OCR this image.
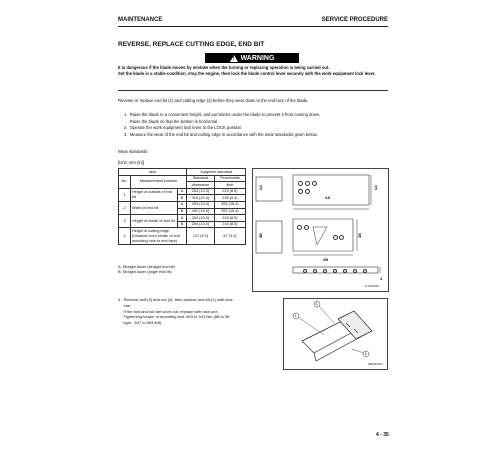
MAINTENANCE	SERVICE PROCEDURE
REVERSE, REPLACE CUTTING EDGE, END BIT
! WARNING
It is dangerous if the blade moves by mistake when the turning or replacing operation is being carried out.
Set the blade in a stable condition, stop the engine, then lock the blade control lever securely with the work equipment lock lever.
Reverse or replace end bit (1) and cutting edge (2) before they wear down to the end face of the blade.
1.  Raise the blade to a convenient height, and put blocks under the blade to prevent it from coming down.
Raise the blade so that the bottom is horizontal.
2.  Operate the work equipment lock lever to the LOCK position.
3.  Measure the wear of the end bit and cutting edge in accordance with the wear standards given below.
Wear standards
[Unit: mm (in)]
Item			Judgment standard	
No.	Measurement position		Standard	Permissible
			dimension	limit
1	Height of outside of end bit	A	254 (10.0)	215 (8.5)
		B	315 (12.4)	235 (9.3)
2	Width of end bit	A	493 (19.4)	392 (15.4)
		B	492 (19.4)	392 (15.4)
3	Height of inside of end bit	A	254 (10.0)	215 (8.5)
		B	254 (10.0)	215 (8.5)
4	Height of cutting edge
(Distance from center of bolt
mounting hole to end face)		127 (5.0)	87 (3.4)
A: Straight dozer (straight end bit)
B: Straight dozer (angle end bit)
2A	1A
2A
3B	1B
2B
4
G-2026445
4.  Remove bolt (3) and nut (4), then replace end bit (1) with new
one.
If the bolt and nut are worn out, replace with new one.
Tightening torque of mounting bolt: 863 to 941 Nm (88 to 96
kgm , 637 to 694 lbft)
1
3
4
WEH04100
4 - 35
